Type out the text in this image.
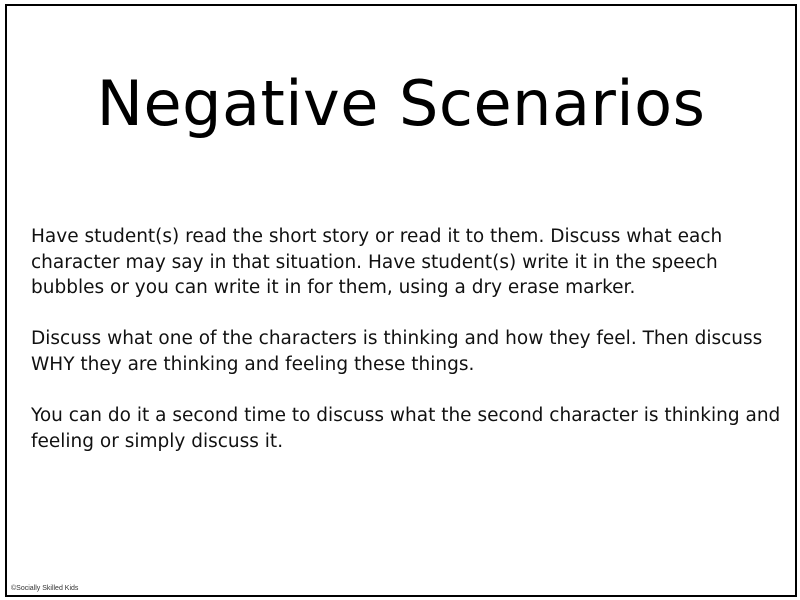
Negative Scenarios

Have student(s) read the short story or read it to them. Discuss what each character may say in that situation. Have student(s) write it in the speech bubbles or you can write it in for them, using a dry erase marker.

Discuss what one of the characters is thinking and how they feel. Then discuss WHY they are thinking and feeling these things.

You can do it a second time to discuss what the second character is thinking and feeling or simply discuss it.

©Socially Skilled Kids
